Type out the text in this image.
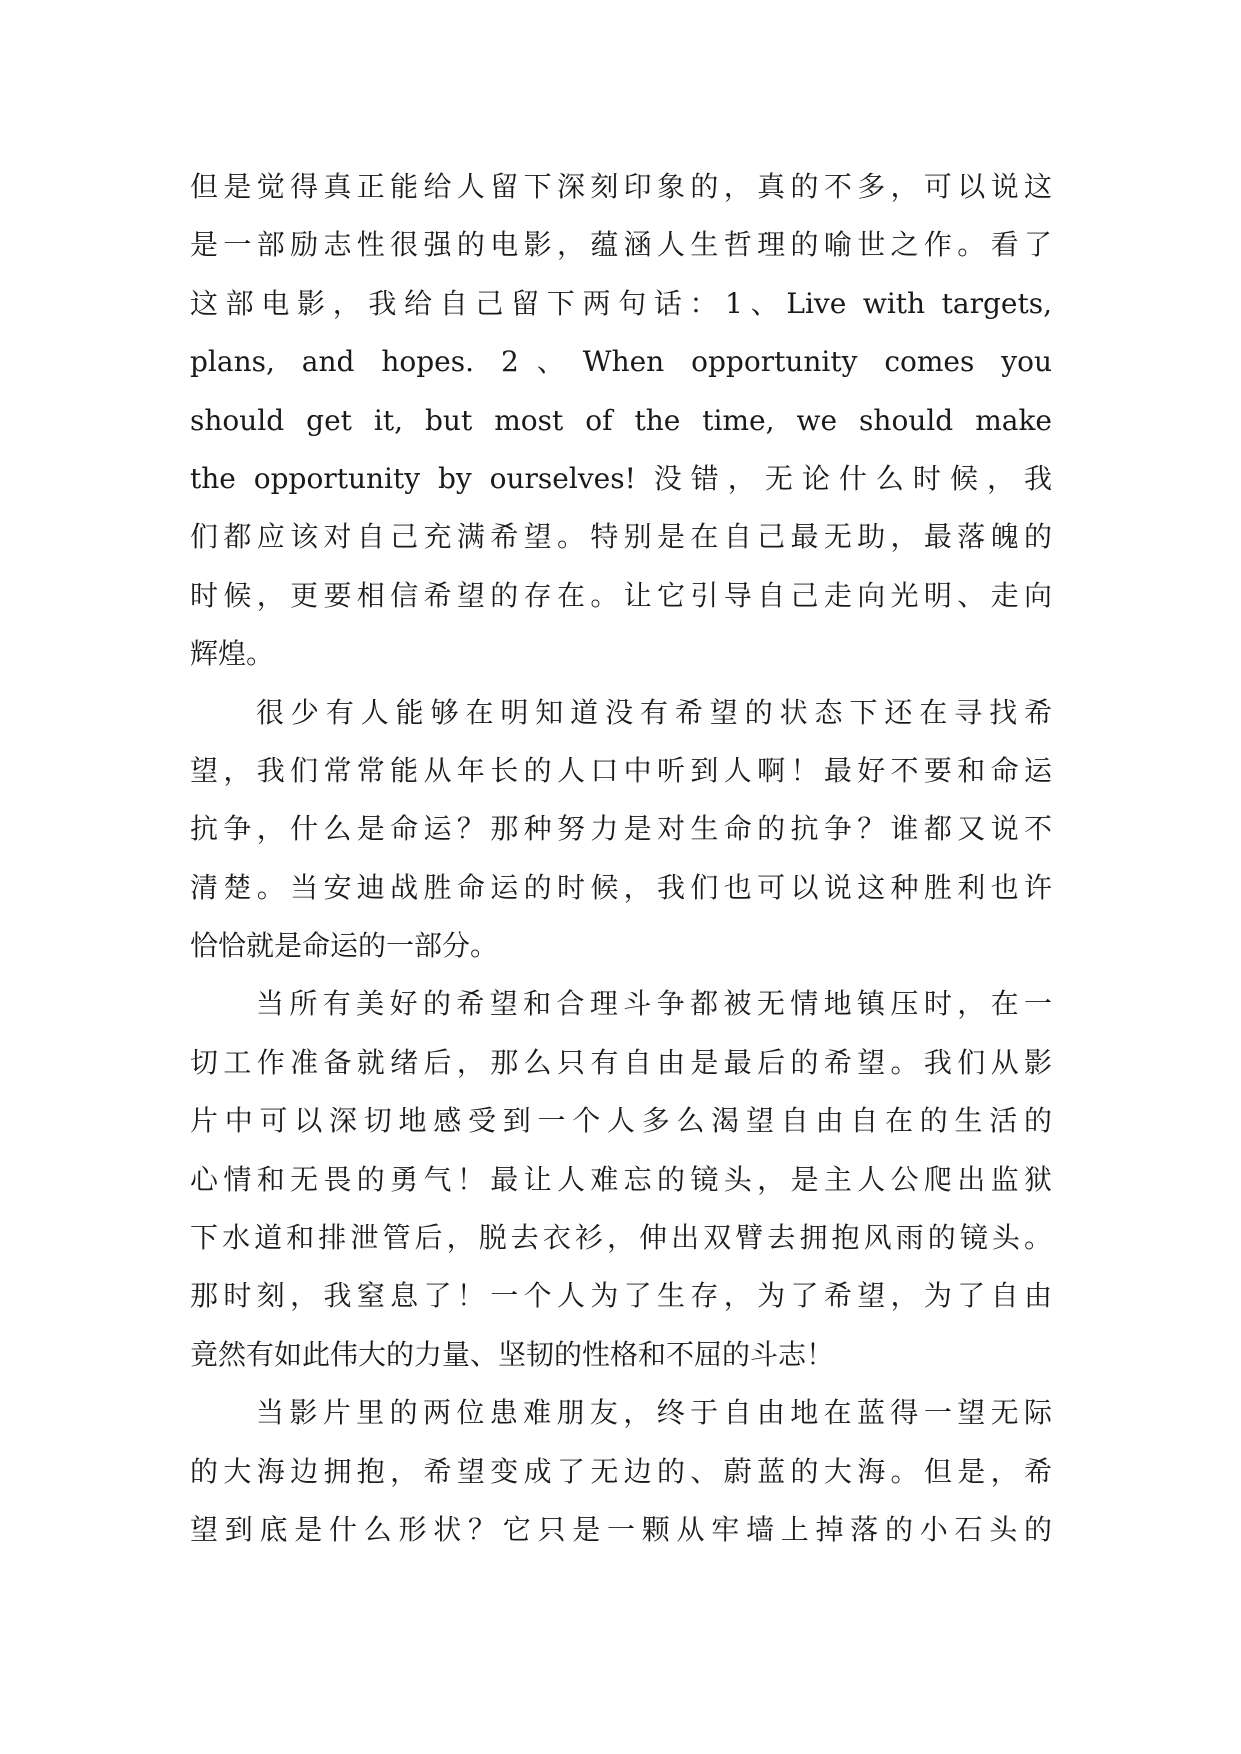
但是觉得真正能给人留下深刻印象的，真的不多，可以说这
是一部励志性很强的电影，蕴涵人生哲理的喻世之作。看了
这部电影，我给自己留下两句话：1、Live with targets,
plans, and hopes. 2、When opportunity comes you
should get it, but most of the time, we should make
the opportunity by ourselves! 没错，无论什么时候，我
们都应该对自己充满希望。特别是在自己最无助，最落魄的
时候，更要相信希望的存在。让它引导自己走向光明、走向
辉煌。
很少有人能够在明知道没有希望的状态下还在寻找希
望，我们常常能从年长的人口中听到人啊！最好不要和命运
抗争，什么是命运？那种努力是对生命的抗争？谁都又说不
清楚。当安迪战胜命运的时候，我们也可以说这种胜利也许
恰恰就是命运的一部分。
当所有美好的希望和合理斗争都被无情地镇压时，在一
切工作准备就绪后，那么只有自由是最后的希望。我们从影
片中可以深切地感受到一个人多么渴望自由自在的生活的
心情和无畏的勇气！最让人难忘的镜头，是主人公爬出监狱
下水道和排泄管后，脱去衣衫，伸出双臂去拥抱风雨的镜头。
那时刻，我窒息了！一个人为了生存，为了希望，为了自由
竟然有如此伟大的力量、坚韧的性格和不屈的斗志！
当影片里的两位患难朋友，终于自由地在蓝得一望无际
的大海边拥抱，希望变成了无边的、蔚蓝的大海。但是，希
望到底是什么形状？它只是一颗从牢墙上掉落的小石头的
